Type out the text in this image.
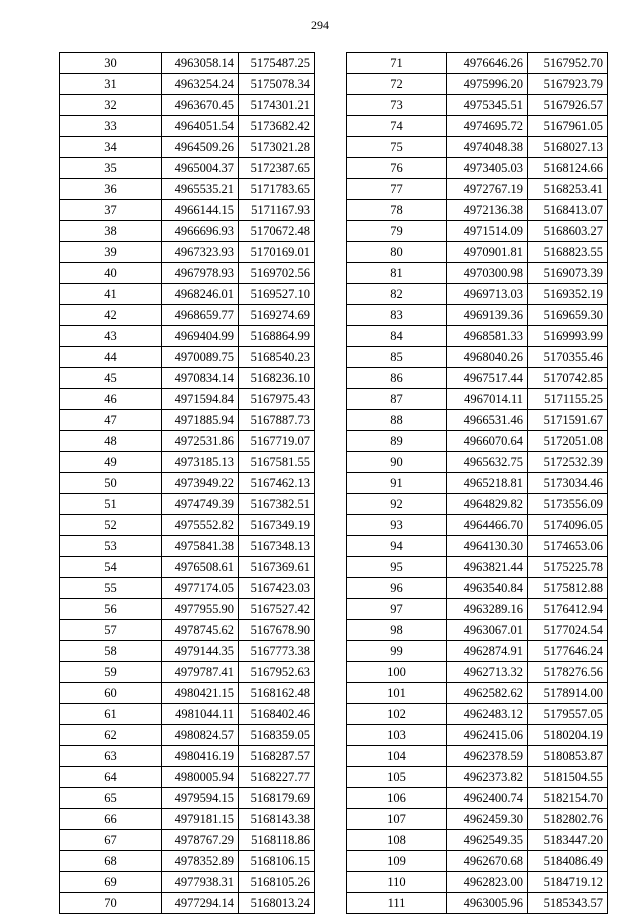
294
30	4963058.14	5175487.25
31	4963254.24	5175078.34
32	4963670.45	5174301.21
33	4964051.54	5173682.42
34	4964509.26	5173021.28
35	4965004.37	5172387.65
36	4965535.21	5171783.65
37	4966144.15	5171167.93
38	4966696.93	5170672.48
39	4967323.93	5170169.01
40	4967978.93	5169702.56
41	4968246.01	5169527.10
42	4968659.77	5169274.69
43	4969404.99	5168864.99
44	4970089.75	5168540.23
45	4970834.14	5168236.10
46	4971594.84	5167975.43
47	4971885.94	5167887.73
48	4972531.86	5167719.07
49	4973185.13	5167581.55
50	4973949.22	5167462.13
51	4974749.39	5167382.51
52	4975552.82	5167349.19
53	4975841.38	5167348.13
54	4976508.61	5167369.61
55	4977174.05	5167423.03
56	4977955.90	5167527.42
57	4978745.62	5167678.90
58	4979144.35	5167773.38
59	4979787.41	5167952.63
60	4980421.15	5168162.48
61	4981044.11	5168402.46
62	4980824.57	5168359.05
63	4980416.19	5168287.57
64	4980005.94	5168227.77
65	4979594.15	5168179.69
66	4979181.15	5168143.38
67	4978767.29	5168118.86
68	4978352.89	5168106.15
69	4977938.31	5168105.26
70	4977294.14	5168013.24
71	4976646.26	5167952.70
72	4975996.20	5167923.79
73	4975345.51	5167926.57
74	4974695.72	5167961.05
75	4974048.38	5168027.13
76	4973405.03	5168124.66
77	4972767.19	5168253.41
78	4972136.38	5168413.07
79	4971514.09	5168603.27
80	4970901.81	5168823.55
81	4970300.98	5169073.39
82	4969713.03	5169352.19
83	4969139.36	5169659.30
84	4968581.33	5169993.99
85	4968040.26	5170355.46
86	4967517.44	5170742.85
87	4967014.11	5171155.25
88	4966531.46	5171591.67
89	4966070.64	5172051.08
90	4965632.75	5172532.39
91	4965218.81	5173034.46
92	4964829.82	5173556.09
93	4964466.70	5174096.05
94	4964130.30	5174653.06
95	4963821.44	5175225.78
96	4963540.84	5175812.88
97	4963289.16	5176412.94
98	4963067.01	5177024.54
99	4962874.91	5177646.24
100	4962713.32	5178276.56
101	4962582.62	5178914.00
102	4962483.12	5179557.05
103	4962415.06	5180204.19
104	4962378.59	5180853.87
105	4962373.82	5181504.55
106	4962400.74	5182154.70
107	4962459.30	5182802.76
108	4962549.35	5183447.20
109	4962670.68	5184086.49
110	4962823.00	5184719.12
111	4963005.96	5185343.57
